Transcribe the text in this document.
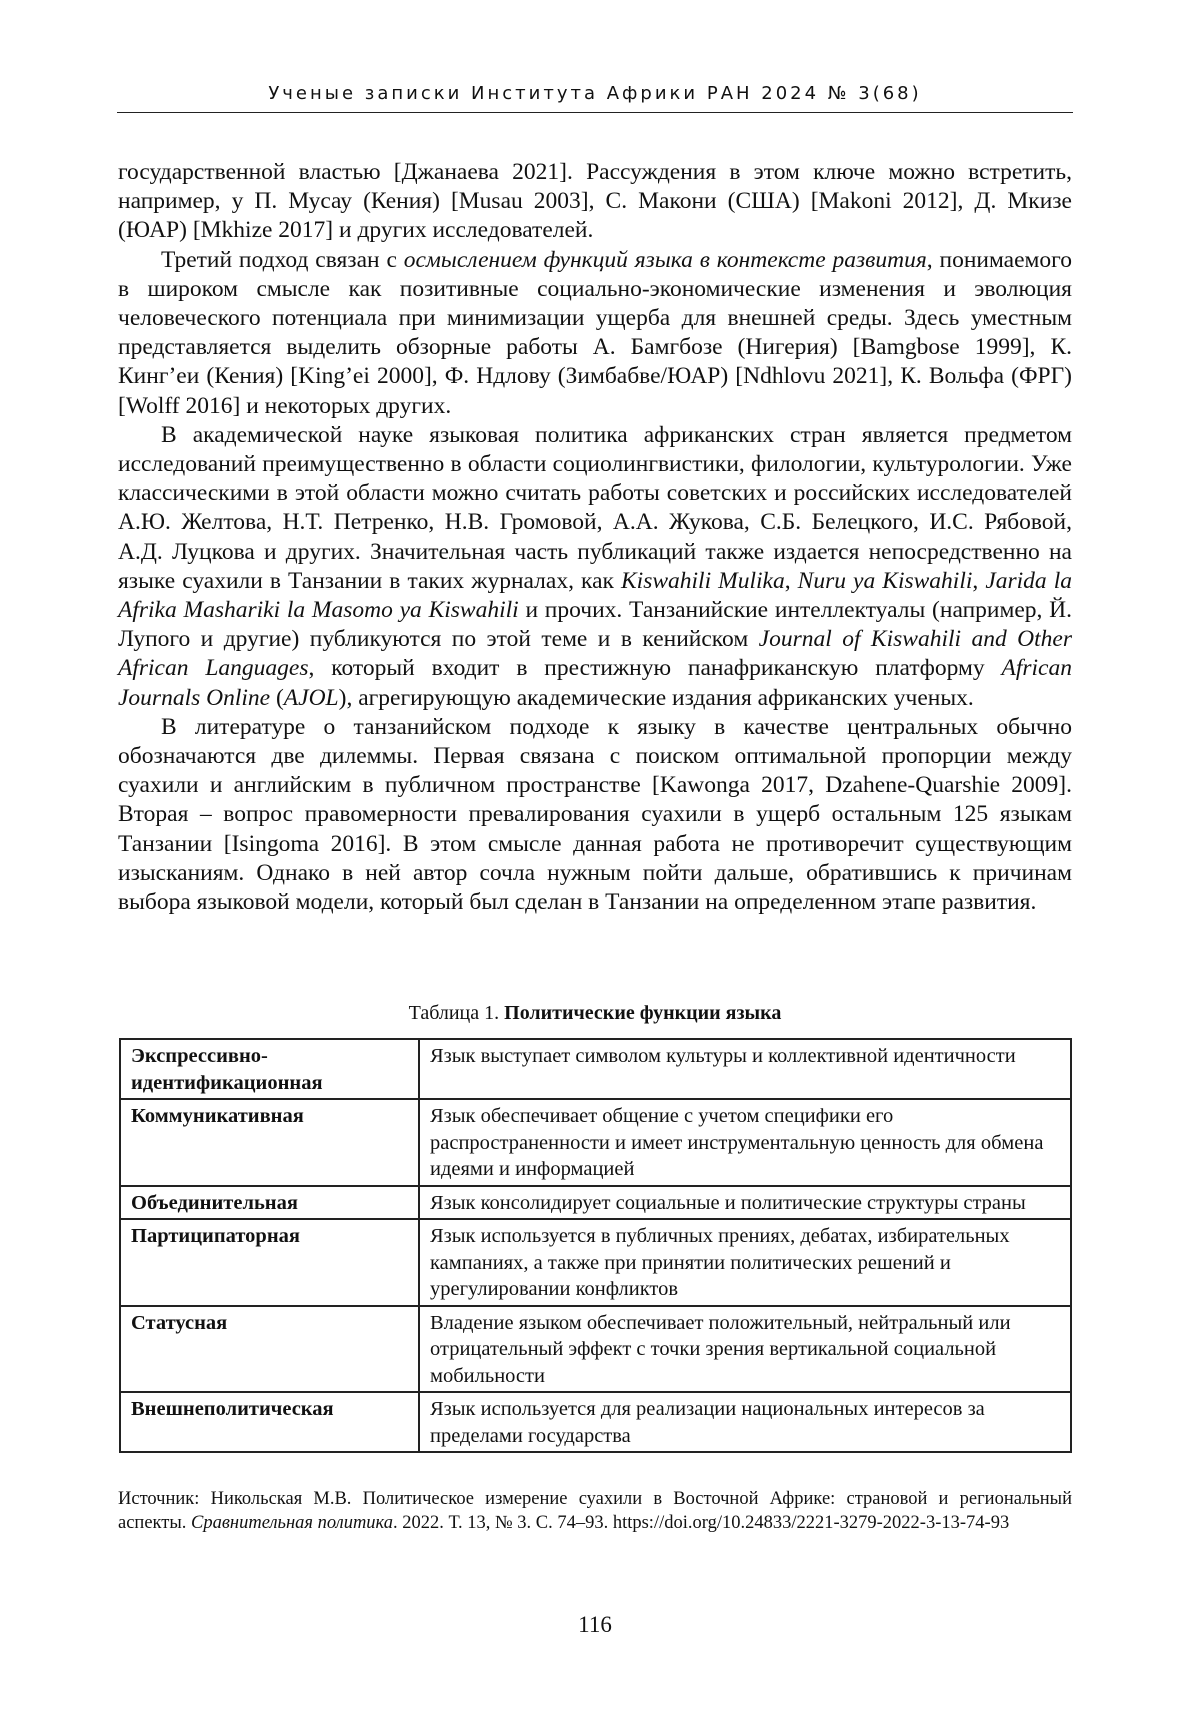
Ученые записки Института Африки РАН 2024 № 3(68)

государственной властью [Джанаева 2021]. Рассуждения в этом ключе можно встретить, например, у П. Мусау (Кения) [Musau 2003], С. Макони (США) [Makoni 2012], Д. Мкизе (ЮАР) [Mkhize 2017] и других исследователей.

Третий подход связан с осмыслением функций языка в контексте развития, понимаемого в широком смысле как позитивные социально-экономические изменения и эволюция человеческого потенциала при минимизации ущерба для внешней среды. Здесь уместным представляется выделить обзорные работы А. Бамгбозе (Нигерия) [Bamgbose 1999], К. Кинг’еи (Кения) [King’ei 2000], Ф. Ндлову (Зимбабве/ЮАР) [Ndhlovu 2021], К. Вольфа (ФРГ) [Wolff 2016] и некоторых других.

В академической науке языковая политика африканских стран является предметом исследований преимущественно в области социолингвистики, филологии, культурологии. Уже классическими в этой области можно считать работы советских и российских исследователей А.Ю. Желтова, Н.Т. Петренко, Н.В. Громовой, А.А. Жукова, С.Б. Белецкого, И.С. Рябовой, А.Д. Луцкова и других. Значительная часть публикаций также издается непосредственно на языке суахили в Танзании в таких журналах, как Kiswahili Mulika, Nuru ya Kiswahili, Jarida la Afrika Mashariki la Masomo ya Kiswahili и прочих. Танзанийские интеллектуалы (например, Й. Лупого и другие) публикуются по этой теме и в кенийском Journal of Kiswahili and Other African Languages, который входит в престижную панафриканскую платформу African Journals Online (AJOL), агрегирующую академические издания африканских ученых.

В литературе о танзанийском подходе к языку в качестве центральных обычно обозначаются две дилеммы. Первая связана с поиском оптимальной пропорции между суахили и английским в публичном пространстве [Kawonga 2017, Dzahene-Quarshie 2009]. Вторая – вопрос правомерности превалирования суахили в ущерб остальным 125 языкам Танзании [Isingoma 2016]. В этом смысле данная работа не противоречит существующим изысканиям. Однако в ней автор сочла нужным пойти дальше, обратившись к причинам выбора языковой модели, который был сделан в Танзании на определенном этапе развития.

Таблица 1. Политические функции языка
Экспрессивно-идентификационная	Язык выступает символом культуры и коллективной идентичности
Коммуникативная	Язык обеспечивает общение с учетом специфики его распространенности и имеет инструментальную ценность для обмена идеями и информацией
Объединительная	Язык консолидирует социальные и политические структуры страны
Партиципаторная	Язык используется в публичных прениях, дебатах, избирательных кампаниях, а также при принятии политических решений и урегулировании конфликтов
Статусная	Владение языком обеспечивает положительный, нейтральный или отрицательный эффект с точки зрения вертикальной социальной мобильности
Внешнеполитическая	Язык используется для реализации национальных интересов за пределами государства
Источник: Никольская М.В. Политическое измерение суахили в Восточной Африке: страновой и региональный аспекты. Сравнительная политика. 2022. Т. 13, № 3. С. 74–93. https://doi.org/10.24833/2221-3279-2022-3-13-74-93
116
